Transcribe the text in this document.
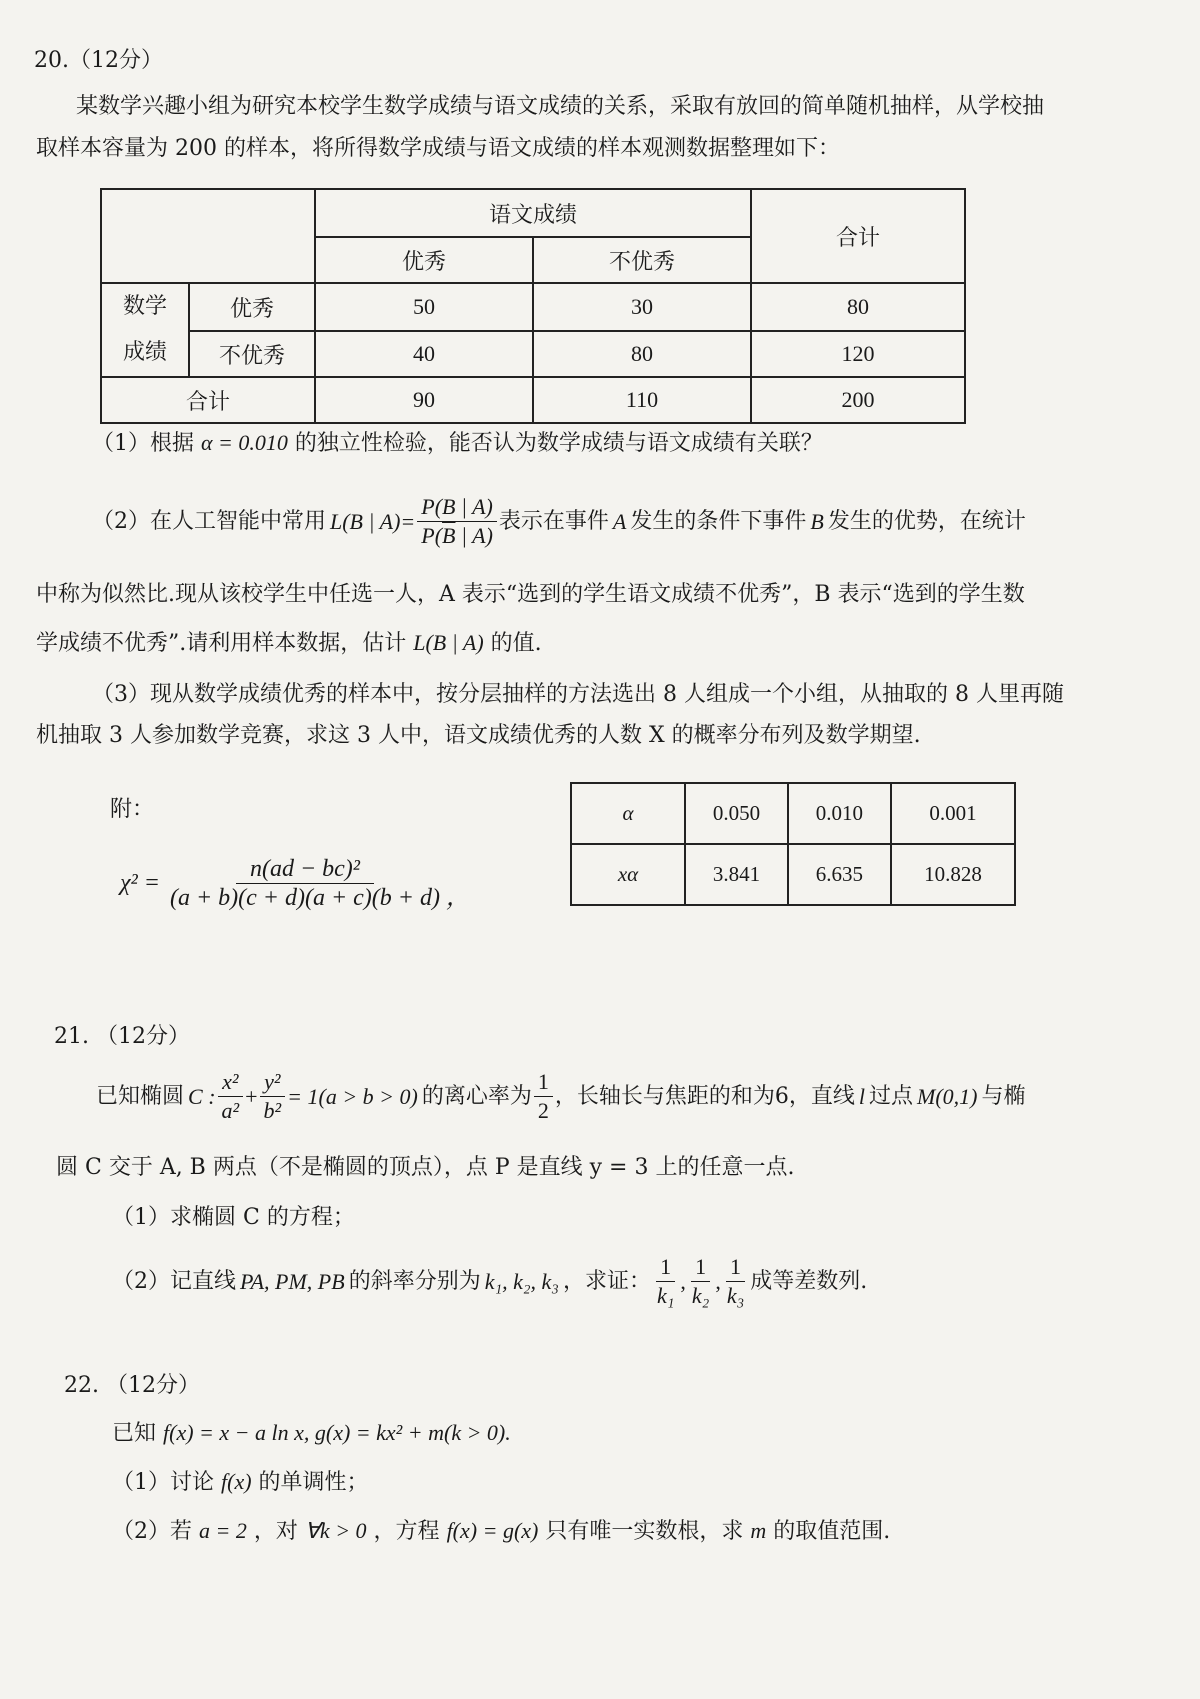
20.（12分）
某数学兴趣小组为研究本校学生数学成绩与语文成绩的关系，采取有放回的简单随机抽样，从学校抽
取样本容量为 200 的样本，将所得数学成绩与语文成绩的样本观测数据整理如下：
		语文成绩		合计
		优秀	不优秀	

数学
成绩	优秀	50	30	80
	不优秀	40	80	120
合计		90	110	200
（1）根据 α = 0.010 的独立性检验，能否认为数学成绩与语文成绩有关联？
（2）在人工智能中常用 L(B | $A)= \frac{P(B | A)}{P(\overline{B} | A)}$ 表示在事件 A 发生的条件下事件 B 发生的优势，在统计
中称为似然比.现从该校学生中任选一人，A 表示“选到的学生语文成绩不优秀”，B 表示“选到的学生数
学成绩不优秀”.请利用样本数据，估计 L(B | A) 的值.
（3）现从数学成绩优秀的样本中，按分层抽样的方法选出 8 人组成一个小组，从抽取的 8 人里再随
机抽取 3 人参加数学竞赛，求这 3 人中，语文成绩优秀的人数 X 的概率分布列及数学期望.
附：
$\chi^2 = \frac{\text{n(ad − bc)²}}{(a + b)(c + d)(a + c)(b + d)}$ ，
α	0.050	0.010	0.001
xα	3.841	6.635	10.828
21. （12分）
已知椭圆 C : $\frac{\text{x²}}{\text{a²}} + \frac{\text{y²}}{\text{b²}} = 1(a > b > 0)$ 的离心率为 $\frac{1}{2}$ ，长轴长与焦距的和为6，直线 l 过点 M(0,1) 与椭
圆 C 交于 A, B 两点（不是椭圆的顶点），点 P 是直线 y = 3 上的任意一点.
（1）求椭圆 C 的方程；
（2）记直线 PA, PM, PB 的斜率分别为 k₁, k₂, k₃ ，求证： $\frac{1}{\text{k₁}}$ , $\frac{1}{\text{k₂}}$ , $\frac{1}{\text{k₃}}$ 成等差数列.
22. （12分）
已知 f(x) = x − a ln x, g(x) = kx² + m(k > 0).
（1）讨论 f(x) 的单调性；
（2）若 a = 2 ，对 ∀k > 0 ，方程 f(x) = g(x) 只有唯一实数根，求 m 的取值范围.
